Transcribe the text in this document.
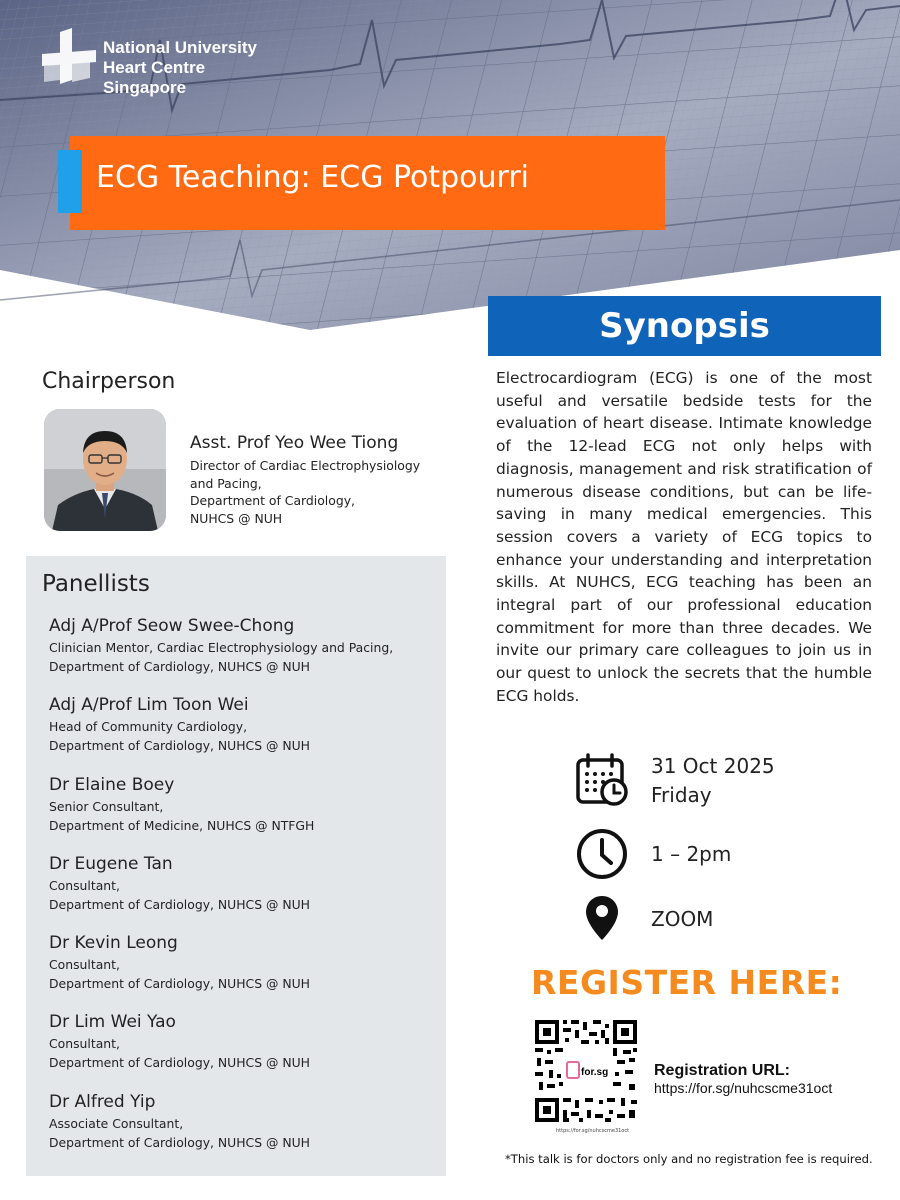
National University
Heart Centre
Singapore
ECG Teaching: ECG Potpourri
Synopsis
Electrocardiogram (ECG) is one of the most useful and versatile bedside tests for the evaluation of heart disease. Intimate knowledge of the 12-lead ECG not only helps with diagnosis, management and risk stratification of numerous disease conditions, but can be life-saving in many medical emergencies. This session covers a variety of ECG topics to enhance your understanding and interpretation skills. At NUHCS, ECG teaching has been an integral part of our professional education commitment for more than three decades. We invite our primary care colleagues to join us in our quest to unlock the secrets that the humble ECG holds.
Chairperson
Asst. Prof Yeo Wee Tiong
Director of Cardiac Electrophysiology
and Pacing,
Department of Cardiology,
NUHCS @ NUH
Panellists
Adj A/Prof Seow Swee-Chong
Clinician Mentor, Cardiac Electrophysiology and Pacing,
Department of Cardiology, NUHCS @ NUH
Adj A/Prof Lim Toon Wei
Head of Community Cardiology,
Department of Cardiology, NUHCS @ NUH
Dr Elaine Boey
Senior Consultant,
Department of Medicine, NUHCS @ NTFGH
Dr Eugene Tan
Consultant,
Department of Cardiology, NUHCS @ NUH
Dr Kevin Leong
Consultant,
Department of Cardiology, NUHCS @ NUH
Dr Lim Wei Yao
Consultant,
Department of Cardiology, NUHCS @ NUH
Dr Alfred Yip
Associate Consultant,
Department of Cardiology, NUHCS @ NUH
31 Oct 2025
Friday
1 – 2pm
ZOOM
REGISTER HERE:
for.sg
https://for.sg/nuhcscme31oct
Registration URL:
https://for.sg/nuhcscme31oct
*This talk is for doctors only and no registration fee is required.
